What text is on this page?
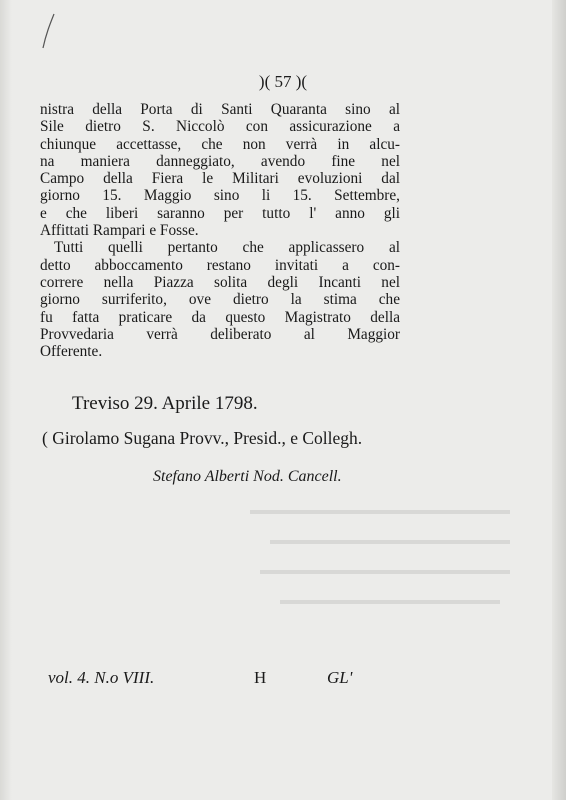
)( 57 )(
nistra della Porta di Santi Quaranta sino al
Sile dietro S. Niccolò con assicurazione a
chiunque accettasse, che non verrà in alcu-
na maniera danneggiato, avendo fine nel
Campo della Fiera le Militari evoluzioni dal
giorno 15. Maggio sino li 15. Settembre,
e che liberi saranno per tutto l' anno gli
Affittati Rampari e Fosse.
Tutti quelli pertanto che applicassero al
detto abboccamento restano invitati a con-
correre nella Piazza solita degli Incanti nel
giorno surriferito, ove dietro la stima che
fu fatta praticare da questo Magistrato della
Provvedaria verrà deliberato al Maggior
Offerente.
Treviso 29. Aprile 1798.
( Girolamo Sugana Provv., Presid., e Collegh.
Stefano Alberti Nod. Cancell.
vol. 4. N.o VIII.	H	GL'
